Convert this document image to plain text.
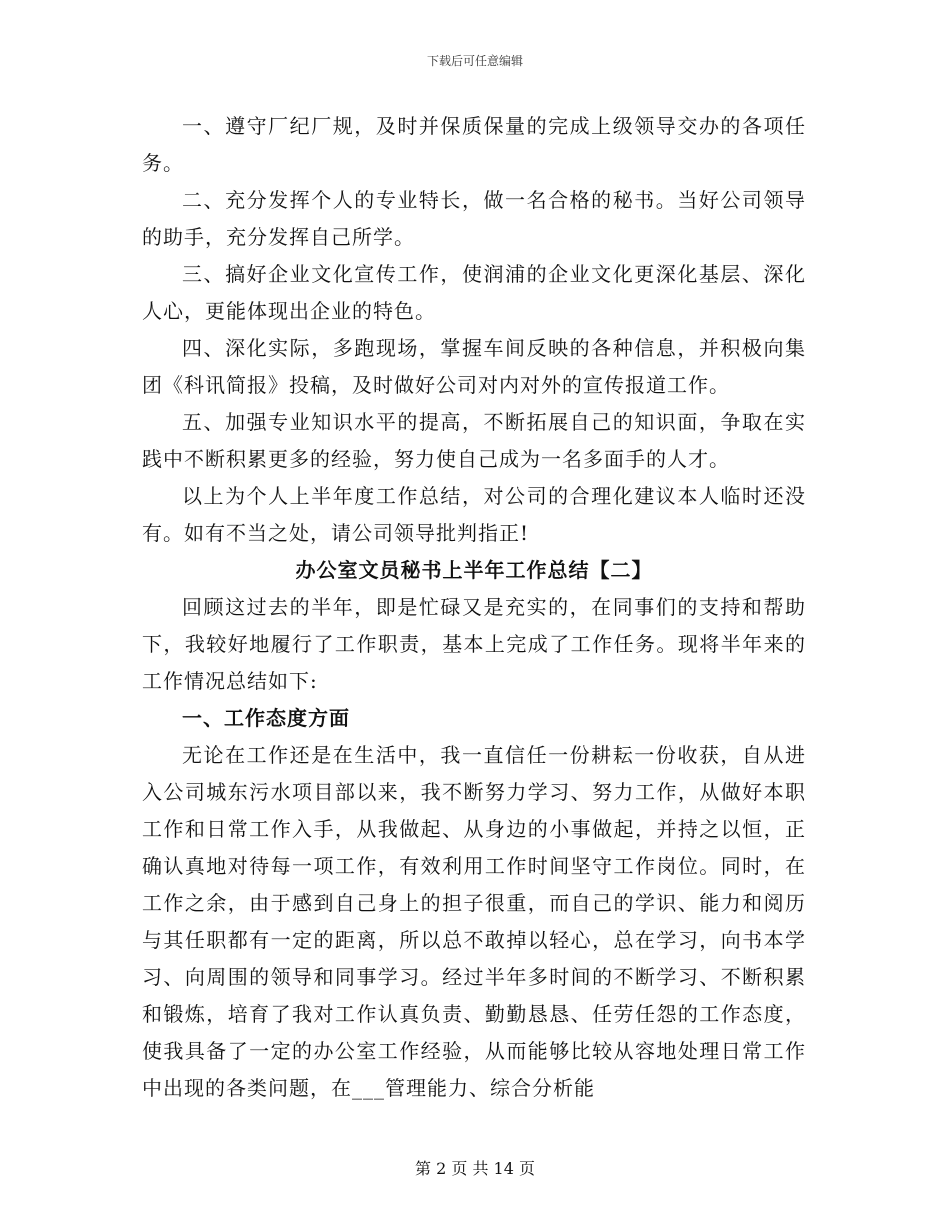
下载后可任意编辑

一、遵守厂纪厂规，及时并保质保量的完成上级领导交办的各项任务。

二、充分发挥个人的专业特长，做一名合格的秘书。当好公司领导的助手，充分发挥自己所学。

三、搞好企业文化宣传工作，使润浦的企业文化更深化基层、深化人心，更能体现出企业的特色。

四、深化实际，多跑现场，掌握车间反映的各种信息，并积极向集团《科讯简报》投稿，及时做好公司对内对外的宣传报道工作。

五、加强专业知识水平的提高，不断拓展自己的知识面，争取在实践中不断积累更多的经验，努力使自己成为一名多面手的人才。

以上为个人上半年度工作总结，对公司的合理化建议本人临时还没有。如有不当之处，请公司领导批判指正!

办公室文员秘书上半年工作总结【二】

回顾这过去的半年，即是忙碌又是充实的，在同事们的支持和帮助下，我较好地履行了工作职责，基本上完成了工作任务。现将半年来的工作情况总结如下:

一、工作态度方面

无论在工作还是在生活中，我一直信任一份耕耘一份收获，自从进入公司城东污水项目部以来，我不断努力学习、努力工作，从做好本职工作和日常工作入手，从我做起、从身边的小事做起，并持之以恒，正确认真地对待每一项工作，有效利用工作时间坚守工作岗位。同时，在工作之余，由于感到自己身上的担子很重，而自己的学识、能力和阅历与其任职都有一定的距离，所以总不敢掉以轻心，总在学习，向书本学习、向周围的领导和同事学习。经过半年多时间的不断学习、不断积累和锻炼，培育了我对工作认真负责、勤勤恳恳、任劳任怨的工作态度，使我具备了一定的办公室工作经验，从而能够比较从容地处理日常工作中出现的各类问题，在___管理能力、综合分析能

第 2 页 共 14 页
